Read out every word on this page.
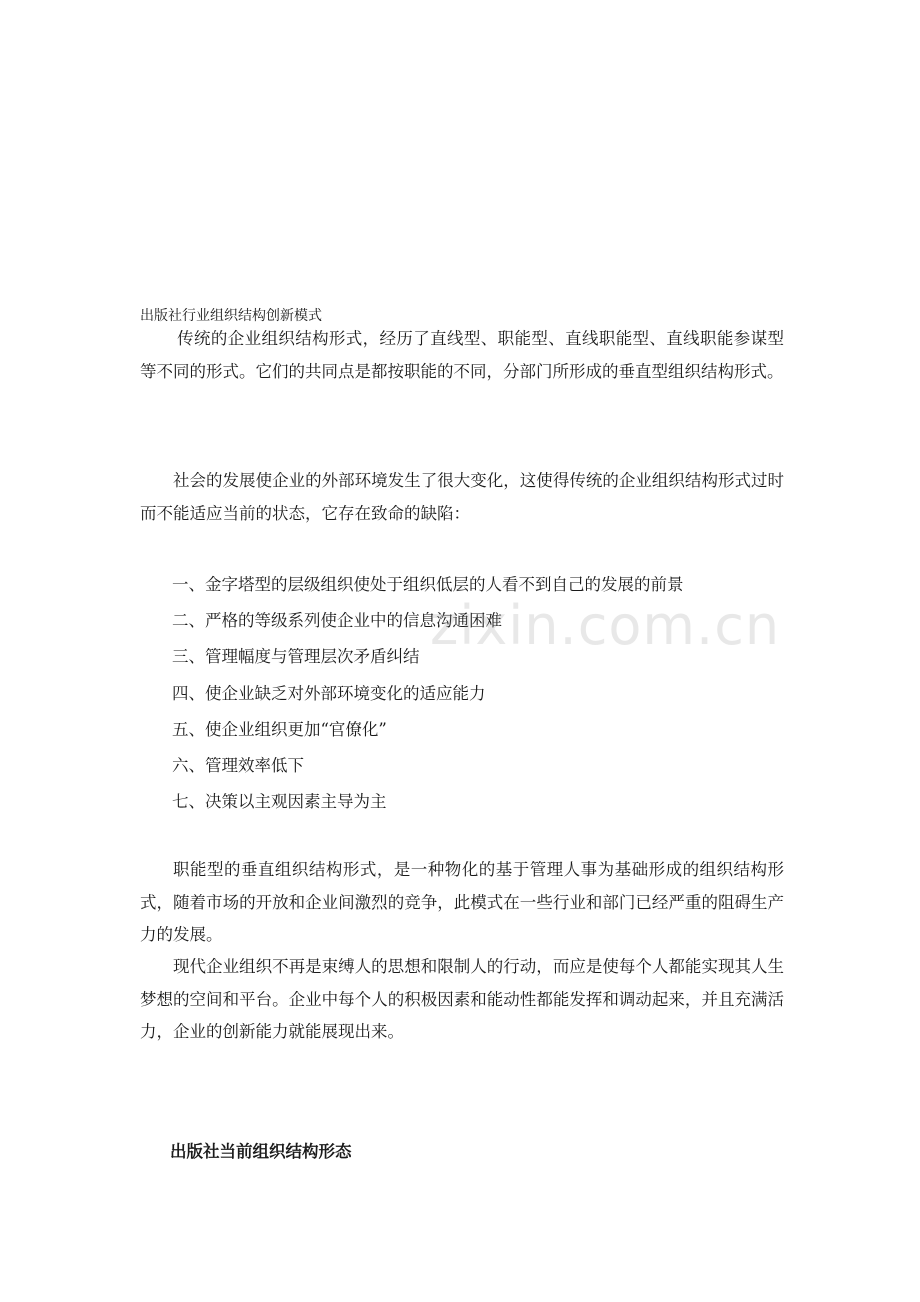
出版社行业组织结构创新模式

传统的企业组织结构形式，经历了直线型、职能型、直线职能型、直线职能参谋型等不同的形式。它们的共同点是都按职能的不同，分部门所形成的垂直型组织结构形式。

社会的发展使企业的外部环境发生了很大变化，这使得传统的企业组织结构形式过时而不能适应当前的状态，它存在致命的缺陷：

一、金字塔型的层级组织使处于组织低层的人看不到自己的发展的前景
二、严格的等级系列使企业中的信息沟通困难
三、管理幅度与管理层次矛盾纠结
四、使企业缺乏对外部环境变化的适应能力
五、使企业组织更加“官僚化”
六、管理效率低下
七、决策以主观因素主导为主

职能型的垂直组织结构形式，是一种物化的基于管理人事为基础形成的组织结构形式，随着市场的开放和企业间激烈的竞争，此模式在一些行业和部门已经严重的阻碍生产力的发展。

现代企业组织不再是束缚人的思想和限制人的行动，而应是使每个人都能实现其人生梦想的空间和平台。企业中每个人的积极因素和能动性都能发挥和调动起来，并且充满活力，企业的创新能力就能展现出来。

出版社当前组织结构形态
zixin.com.cn
